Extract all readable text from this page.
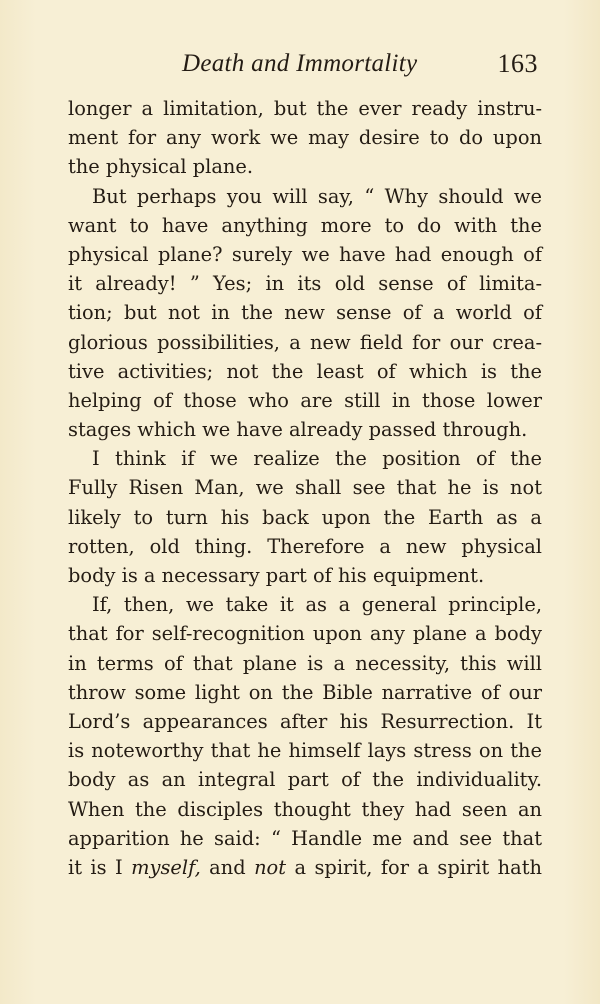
Death and Immortality	163
longer a limitation, but the ever ready instru-
ment for any work we may desire to do upon
the physical plane.
But perhaps you will say, “ Why should we
want to have anything more to do with the
physical plane? surely we have had enough of
it already! ” Yes; in its old sense of limita-
tion; but not in the new sense of a world of
glorious possibilities, a new field for our crea-
tive activities; not the least of which is the
helping of those who are still in those lower
stages which we have already passed through.
I think if we realize the position of the
Fully Risen Man, we shall see that he is not
likely to turn his back upon the Earth as a
rotten, old thing. Therefore a new physical
body is a necessary part of his equipment.
If, then, we take it as a general principle,
that for self-recognition upon any plane a body
in terms of that plane is a necessity, this will
throw some light on the Bible narrative of our
Lord’s appearances after his Resurrection. It
is noteworthy that he himself lays stress on the
body as an integral part of the individuality.
When the disciples thought they had seen an
apparition he said: “ Handle me and see that
it is I myself, and not a spirit, for a spirit hath
